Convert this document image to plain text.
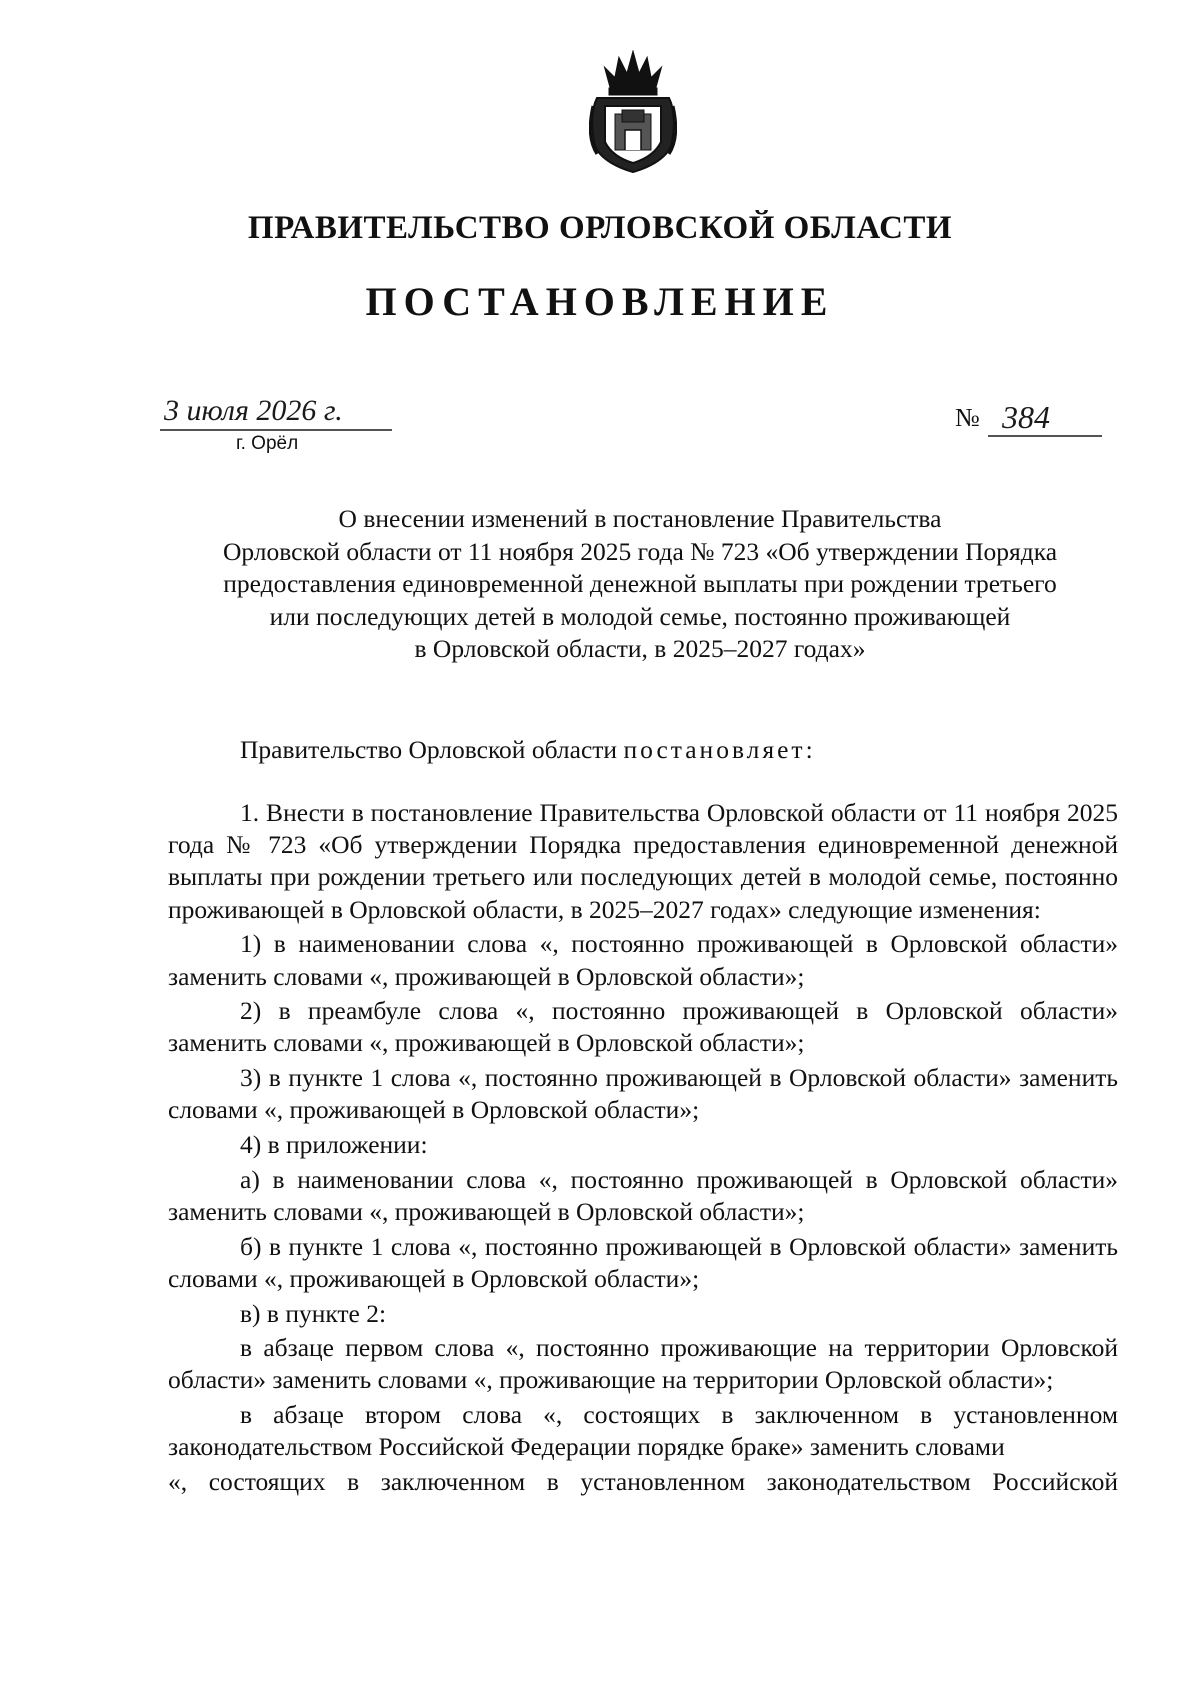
ПРАВИТЕЛЬСТВО ОРЛОВСКОЙ ОБЛАСТИ
ПОСТАНОВЛЕНИЕ
3 июля 2026 г.
г. Орёл
№ 384
О внесении изменений в постановление Правительства
Орловской области от 11 ноября 2025 года № 723 «Об утверждении Порядка
предоставления единовременной денежной выплаты при рождении третьего
или последующих детей в молодой семье, постоянно проживающей
в Орловской области, в 2025–2027 годах»
Правительство Орловской области постановляет:

1. Внести в постановление Правительства Орловской области от 11 ноября 2025 года № 723 «Об утверждении Порядка предоставления единовременной денежной выплаты при рождении третьего или последующих детей в молодой семье, постоянно проживающей в Орловской области, в 2025–2027 годах» следующие изменения:

1) в наименовании слова «, постоянно проживающей в Орловской области» заменить словами «, проживающей в Орловской области»;

2) в преамбуле слова «, постоянно проживающей в Орловской области» заменить словами «, проживающей в Орловской области»;

3) в пункте 1 слова «, постоянно проживающей в Орловской области» заменить словами «, проживающей в Орловской области»;

4) в приложении:

а) в наименовании слова «, постоянно проживающей в Орловской области» заменить словами «, проживающей в Орловской области»;

б) в пункте 1 слова «, постоянно проживающей в Орловской области» заменить словами «, проживающей в Орловской области»;

в) в пункте 2:

в абзаце первом слова «, постоянно проживающие на территории Орловской области» заменить словами «, проживающие на территории Орловской области»;

в абзаце втором слова «, состоящих в заключенном в установленном законодательством Российской Федерации порядке браке» заменить словами

«, состоящих в заключенном в установленном законодательством Российской
